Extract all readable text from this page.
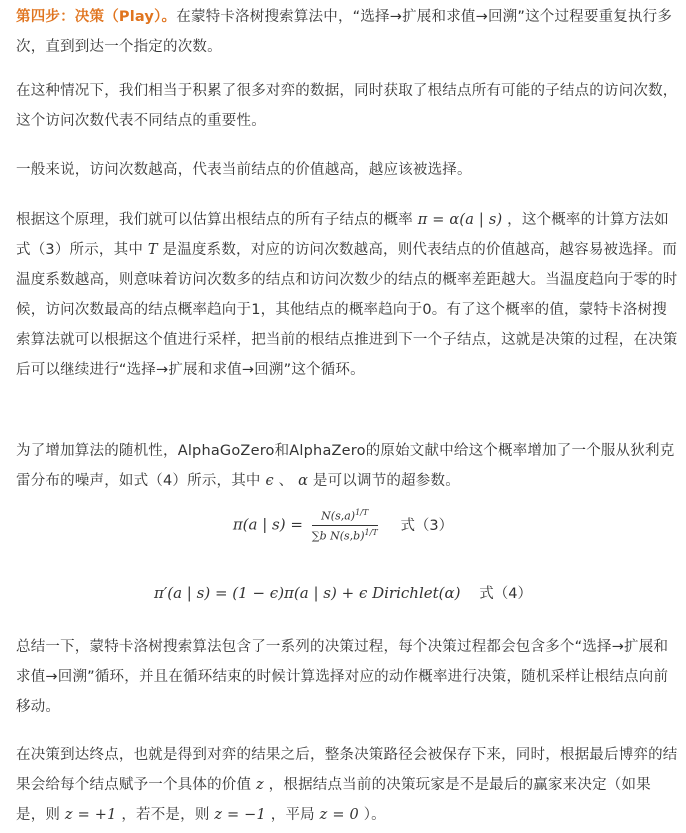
第四步：决策（Play）。在蒙特卡洛树搜索算法中，“选择→扩展和求值→回溯”这个过程要重复执行多次，直到到达一个指定的次数。

在这种情况下，我们相当于积累了很多对弈的数据，同时获取了根结点所有可能的子结点的访问次数，这个访问次数代表不同结点的重要性。

一般来说，访问次数越高，代表当前结点的价值越高，越应该被选择。

根据这个原理，我们就可以估算出根结点的所有子结点的概率 π = α(a | s) ，这个概率的计算方法如式（3）所示，其中 T 是温度系数，对应的访问次数越高，则代表结点的价值越高，越容易被选择。而温度系数越高，则意味着访问次数多的结点和访问次数少的结点的概率差距越大。当温度趋向于零的时候，访问次数最高的结点概率趋向于1，其他结点的概率趋向于0。有了这个概率的值，蒙特卡洛树搜索算法就可以根据这个值进行采样，把当前的根结点推进到下一个子结点，这就是决策的过程，在决策后可以继续进行“选择→扩展和求值→回溯”这个循环。

为了增加算法的随机性，AlphaGoZero和AlphaZero的原始文献中给这个概率增加了一个服从狄利克雷分布的噪声，如式（4）所示，其中 ϵ 、 α 是可以调节的超参数。

π(a | $s) = \frac{N(s,a)^{1/T}}{\sum b N(s,b)^{1/T}}$ 式（3）
π′(a | s) = (1 − ϵ)π(a | s) + ϵ Dirichlet(α) 式（4）

总结一下，蒙特卡洛树搜索算法包含了一系列的决策过程，每个决策过程都会包含多个“选择→扩展和求值→回溯”循环，并且在循环结束的时候计算选择对应的动作概率进行决策，随机采样让根结点向前移动。

在决策到达终点，也就是得到对弈的结果之后，整条决策路径会被保存下来，同时，根据最后博弈的结果会给每个结点赋予一个具体的价值 z ，根据结点当前的决策玩家是不是最后的赢家来决定（如果是，则 z = +1 ，若不是，则 z = −1 ，平局 z = 0 ）。
